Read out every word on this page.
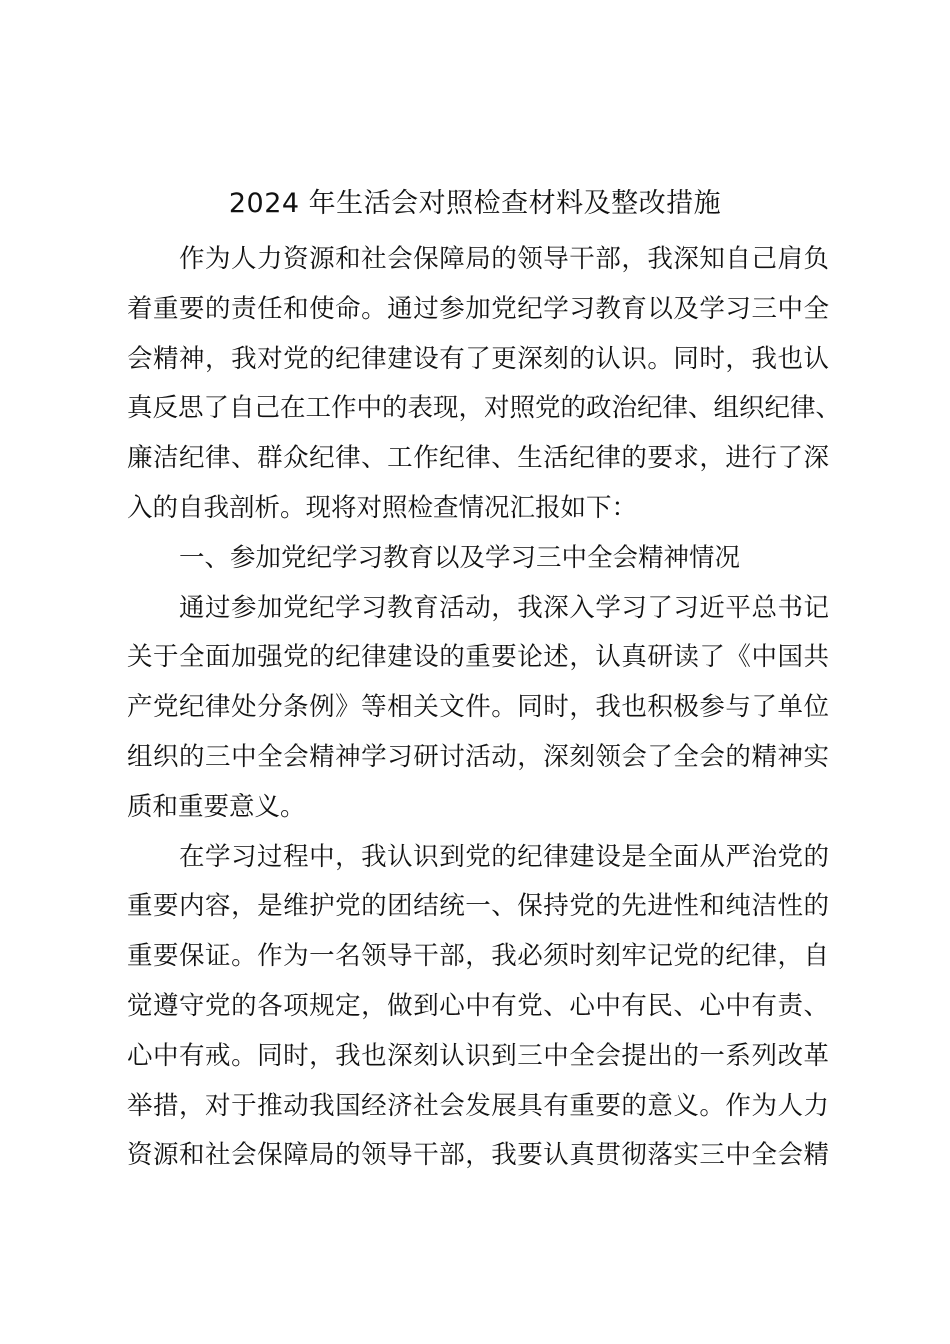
2024 年生活会对照检查材料及整改措施
作为人力资源和社会保障局的领导干部，我深知自己肩负
着重要的责任和使命。通过参加党纪学习教育以及学习三中全
会精神，我对党的纪律建设有了更深刻的认识。同时，我也认
真反思了自己在工作中的表现，对照党的政治纪律、组织纪律、
廉洁纪律、群众纪律、工作纪律、生活纪律的要求，进行了深
入的自我剖析。现将对照检查情况汇报如下：
一、参加党纪学习教育以及学习三中全会精神情况
通过参加党纪学习教育活动，我深入学习了习近平总书记
关于全面加强党的纪律建设的重要论述，认真研读了《中国共
产党纪律处分条例》等相关文件。同时，我也积极参与了单位
组织的三中全会精神学习研讨活动，深刻领会了全会的精神实
质和重要意义。
在学习过程中，我认识到党的纪律建设是全面从严治党的
重要内容，是维护党的团结统一、保持党的先进性和纯洁性的
重要保证。作为一名领导干部，我必须时刻牢记党的纪律，自
觉遵守党的各项规定，做到心中有党、心中有民、心中有责、
心中有戒。同时，我也深刻认识到三中全会提出的一系列改革
举措，对于推动我国经济社会发展具有重要的意义。作为人力
资源和社会保障局的领导干部，我要认真贯彻落实三中全会精
